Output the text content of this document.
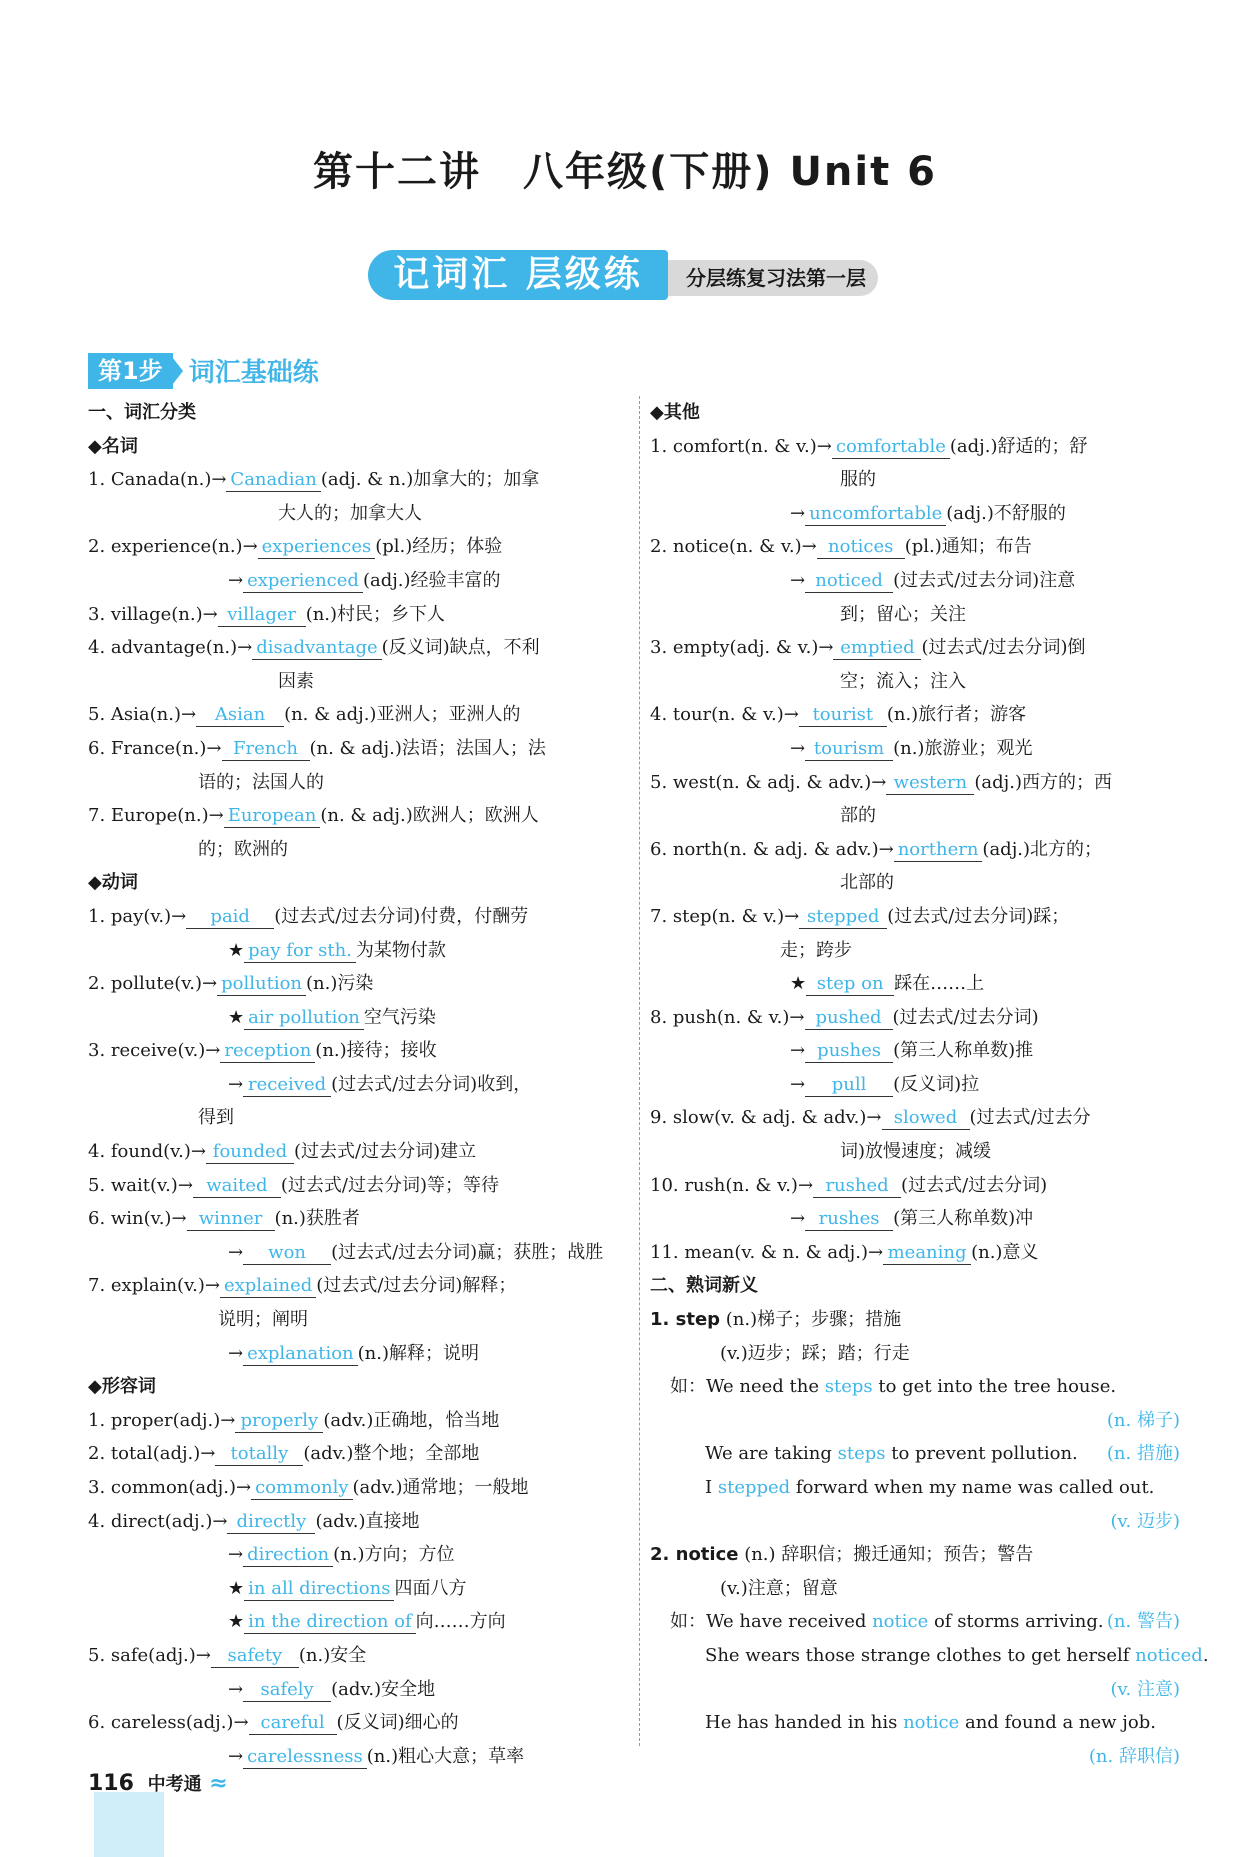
第十二讲　八年级(下册) Unit 6
记词汇 层级练	分层练复习法第一层
第1步 词汇基础练
一、词汇分类
◆名词
1. Canada(n.)→ Canadian (adj. & n.)加拿大的；加拿
大人的；加拿大人
2. experience(n.)→ experiences (pl.)经历；体验
→ experienced (adj.)经验丰富的
3. village(n.)→ villager (n.)村民；乡下人
4. advantage(n.)→ disadvantage (反义词)缺点，不利
因素
5. Asia(n.)→ Asian (n. & adj.)亚洲人；亚洲人的
6. France(n.)→ French (n. & adj.)法语；法国人；法
语的；法国人的
7. Europe(n.)→ European (n. & adj.)欧洲人；欧洲人
的；欧洲的
◆动词
1. pay(v.)→ paid (过去式/过去分词)付费，付酬劳
★ pay for sth. 为某物付款
2. pollute(v.)→ pollution (n.)污染
★ air pollution 空气污染
3. receive(v.)→ reception (n.)接待；接收
→ received (过去式/过去分词)收到，
得到
4. found(v.)→ founded (过去式/过去分词)建立
5. wait(v.)→ waited (过去式/过去分词)等；等待
6. win(v.)→ winner (n.)获胜者
→ won (过去式/过去分词)赢；获胜；战胜
7. explain(v.)→ explained (过去式/过去分词)解释；
说明；阐明
→ explanation (n.)解释；说明
◆形容词
1. proper(adj.)→ properly (adv.)正确地，恰当地
2. total(adj.)→ totally (adv.)整个地；全部地
3. common(adj.)→ commonly (adv.)通常地；一般地
4. direct(adj.)→ directly (adv.)直接地
→ direction (n.)方向；方位
★ in all directions 四面八方
★ in the direction of 向……方向
5. safe(adj.)→ safety (n.)安全
→ safely (adv.)安全地
6. careless(adj.)→ careful (反义词)细心的
→ carelessness (n.)粗心大意；草率
◆其他
1. comfort(n. & v.)→ comfortable (adj.)舒适的；舒
服的
→ uncomfortable (adj.)不舒服的
2. notice(n. & v.)→ notices (pl.)通知；布告
→ noticed (过去式/过去分词)注意
到；留心；关注
3. empty(adj. & v.)→ emptied (过去式/过去分词)倒
空；流入；注入
4. tour(n. & v.)→ tourist (n.)旅行者；游客
→ tourism (n.)旅游业；观光
5. west(n. & adj. & adv.)→ western (adj.)西方的；西
部的
6. north(n. & adj. & adv.)→ northern (adj.)北方的；
北部的
7. step(n. & v.)→ stepped (过去式/过去分词)踩；
走；跨步
★ step on 踩在……上
8. push(n. & v.)→ pushed (过去式/过去分词)
→ pushes (第三人称单数)推
→ pull (反义词)拉
9. slow(v. & adj. & adv.)→ slowed (过去式/过去分
词)放慢速度；减缓
10. rush(n. & v.)→ rushed (过去式/过去分词)
→ rushes (第三人称单数)冲
11. mean(v. & n. & adj.)→ meaning (n.)意义
二、熟词新义
1. step (n.)梯子；步骤；措施
(v.)迈步；踩；踏；行走
如：We need the steps to get into the tree house.
(n. 梯子)
We are taking steps to prevent pollution. (n. 措施)
I stepped forward when my name was called out.
(v. 迈步)
2. notice (n.) 辞职信；搬迁通知；预告；警告
(v.)注意；留意
如：We have received notice of storms arriving. (n. 警告)
She wears those strange clothes to get herself noticed.
(v. 注意)
He has handed in his notice and found a new job.
(n. 辞职信)
116 中考通 ≈
